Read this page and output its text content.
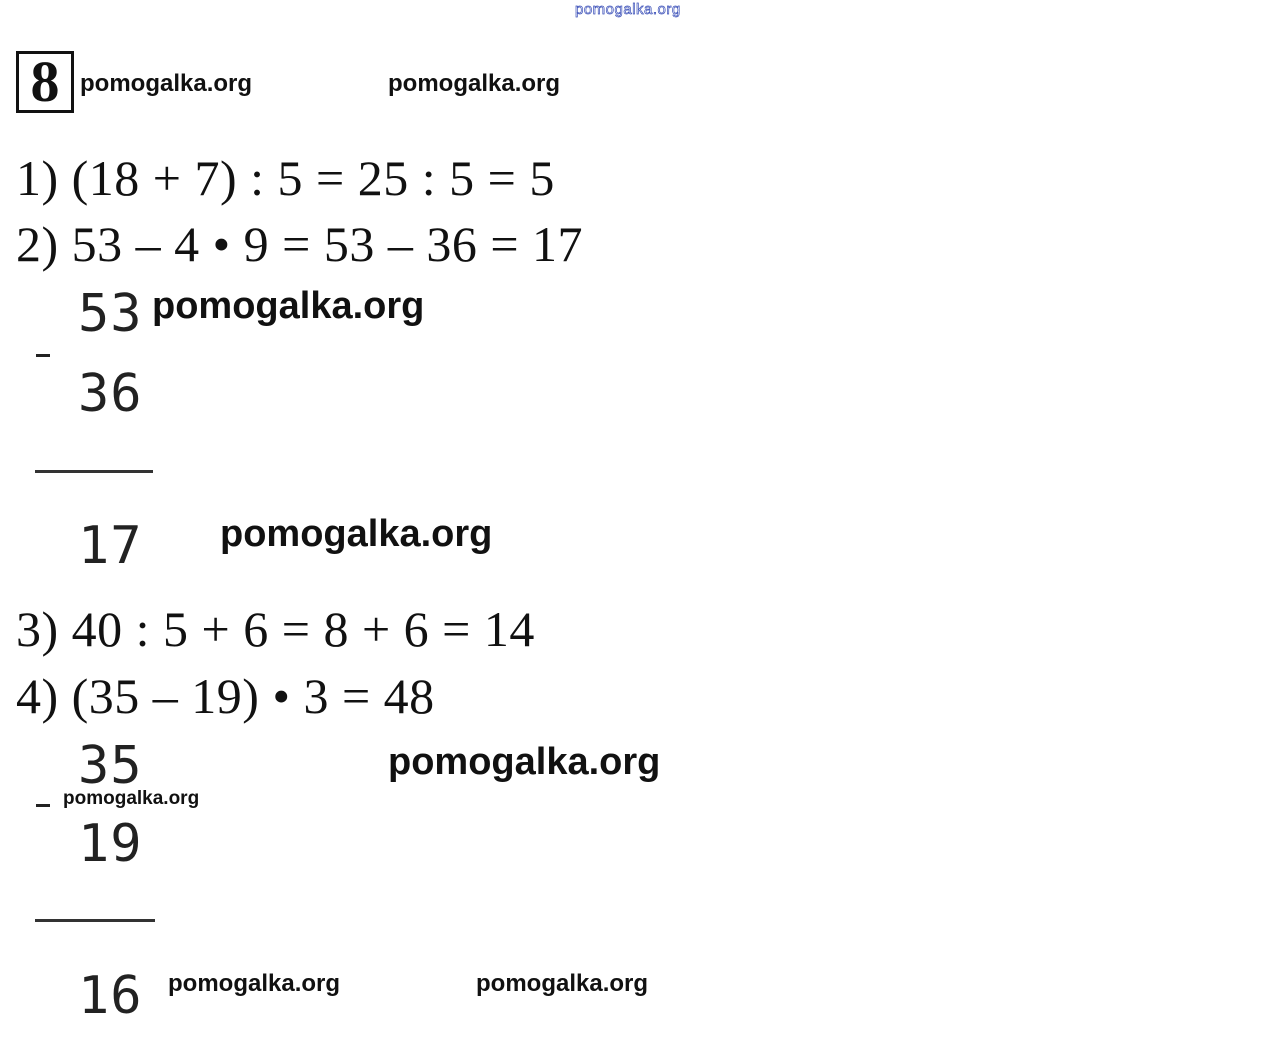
pomogalka.org
8 pomogalka.org	pomogalka.org
1) (18 + 7) : 5 = 25 : 5 = 5
2) 53 – 4 • 9 = 53 – 36 = 17
53
36
17
pomogalka.org
pomogalka.org
3) 40 : 5 + 6 = 8 + 6 = 14
4) (35 – 19) • 3 = 48
35
19
16
pomogalka.org
pomogalka.org
pomogalka.org	pomogalka.org
